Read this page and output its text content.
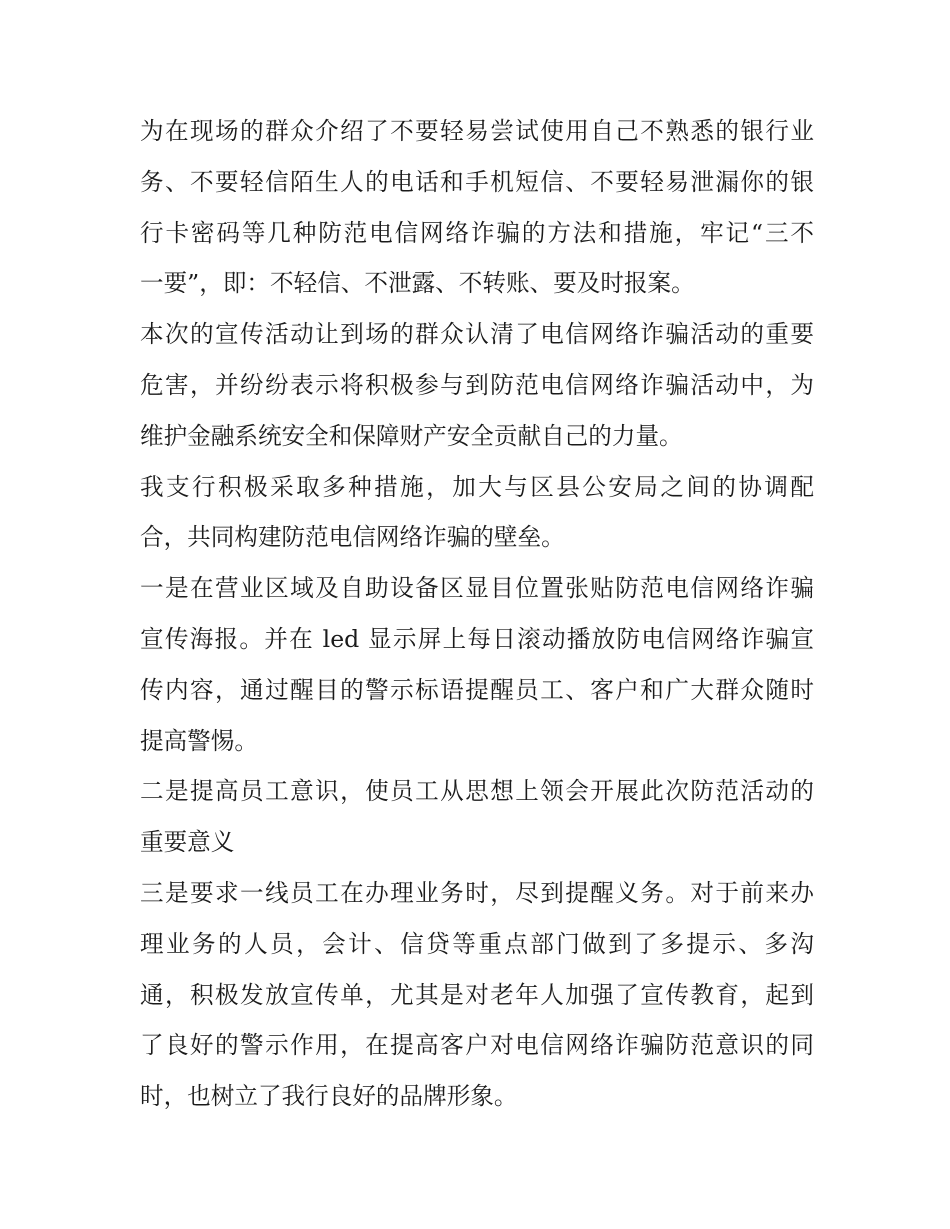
为在现场的群众介绍了不要轻易尝试使用自己不熟悉的银行业
务、不要轻信陌生人的电话和手机短信、不要轻易泄漏你的银
行卡密码等几种防范电信网络诈骗的方法和措施，牢记“三不
一要”，即：不轻信、不泄露、不转账、要及时报案。
本次的宣传活动让到场的群众认清了电信网络诈骗活动的重要
危害，并纷纷表示将积极参与到防范电信网络诈骗活动中，为
维护金融系统安全和保障财产安全贡献自己的力量。
我支行积极采取多种措施，加大与区县公安局之间的协调配
合，共同构建防范电信网络诈骗的壁垒。
一是在营业区域及自助设备区显目位置张贴防范电信网络诈骗
宣传海报。并在 led 显示屏上每日滚动播放防电信网络诈骗宣
传内容，通过醒目的警示标语提醒员工、客户和广大群众随时
提高警惕。
二是提高员工意识，使员工从思想上领会开展此次防范活动的
重要意义
三是要求一线员工在办理业务时，尽到提醒义务。对于前来办
理业务的人员，会计、信贷等重点部门做到了多提示、多沟
通，积极发放宣传单，尤其是对老年人加强了宣传教育，起到
了良好的警示作用，在提高客户对电信网络诈骗防范意识的同
时，也树立了我行良好的品牌形象。
